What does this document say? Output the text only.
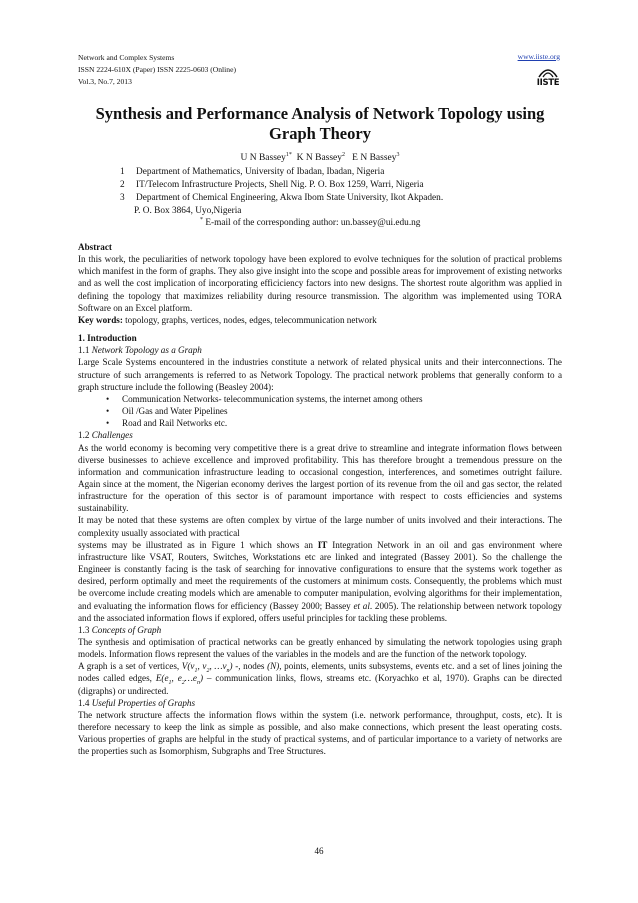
Network and Complex Systems
ISSN 2224-610X (Paper) ISSN 2225-0603 (Online)
Vol.3, No.7, 2013
www.iiste.org
IISTE
Synthesis and Performance Analysis of Network Topology using
Graph Theory
U N Bassey$^{1*}$ K N Bassey$^2$ E N Bassey$^3$
1 Department of Mathematics, University of Ibadan, Ibadan, Nigeria
2 IT/Telecom Infrastructure Projects, Shell Nig. P. O. Box 1259, Warri, Nigeria
3 Department of Chemical Engineering, Akwa Ibom State University, Ikot Akpaden.
P. O. Box 3864, Uyo,Nigeria
* E-mail of the corresponding author: un.bassey@ui.edu.ng

Abstract

In this work, the peculiarities of network topology have been explored to evolve techniques for the solution of practical problems which manifest in the form of graphs. They also give insight into the scope and possible areas for improvement of existing networks and as well the cost implication of incorporating efficiciency factors into new designs. The shortest route algorithm was applied in defining the topology that maximizes reliability during resource transmission. The algorithm was implemented using TORA Software on an Excel platform.

Key words: topology, graphs, vertices, nodes, edges, telecommunication network

1. Introduction

1.1 Network Topology as a Graph

Large Scale Systems encountered in the industries constitute a network of related physical units and their interconnections. The structure of such arrangements is referred to as Network Topology. The practical network problems that generally conform to a graph structure include the following (Beasley 2004):

• Communication Networks- telecommunication systems, the internet among others

• Oil /Gas and Water Pipelines

• Road and Rail Networks etc.

1.2 Challenges

As the world economy is becoming very competitive there is a great drive to streamline and integrate information flows between diverse businesses to achieve excellence and improved profitability. This has therefore brought a tremendous pressure on the information and communication infrastructure leading to occasional congestion, interferences, and sometimes outright failure. Again since at the moment, the Nigerian economy derives the largest portion of its revenue from the oil and gas sector, the related infrastructure for the operation of this sector is of paramount importance with respect to costs efficiencies and systems sustainability.

It may be noted that these systems are often complex by virtue of the large number of units involved and their interactions. The complexity usually associated with practical

systems may be illustrated as in Figure 1 which shows an IT Integration Network in an oil and gas environment where infrastructure like VSAT, Routers, Switches, Workstations etc are linked and integrated (Bassey 2001). So the challenge the Engineer is constantly facing is the task of searching for innovative configurations to ensure that the systems work together as desired, perform optimally and meet the requirements of the customers at minimum costs. Consequently, the problems which must be overcome include creating models which are amenable to computer manipulation, evolving algorithms for their implementation, and evaluating the information flows for efficiency (Bassey 2000; Bassey et al. 2005). The relationship between network topology and the associated information flows if explored, offers useful principles for tackling these problems.

1.3 Concepts of Graph

The synthesis and optimisation of practical networks can be greatly enhanced by simulating the network topologies using graph models. Information flows represent the values of the variables in the models and are the function of the network topology.

A graph is a set of vertices, $V(v_1$, $v_2$, $\dots v_n$) -, nodes (N), points, elements, units subsystems, events etc. and a set of lines joining the nodes called edges, $E(e_1$, $e_2\dots e_n$) – communication links, flows, streams etc. (Koryachko et al, 1970). Graphs can be directed (digraphs) or undirected.

1.4 Useful Properties of Graphs

The network structure affects the information flows within the system (i.e. network performance, throughput, costs, etc). It is therefore necessary to keep the link as simple as possible, and also make connections, which present the least operating costs. Various properties of graphs are helpful in the study of practical systems, and of particular importance to a variety of networks are the properties such as Isomorphism, Subgraphs and Tree Structures.

46
